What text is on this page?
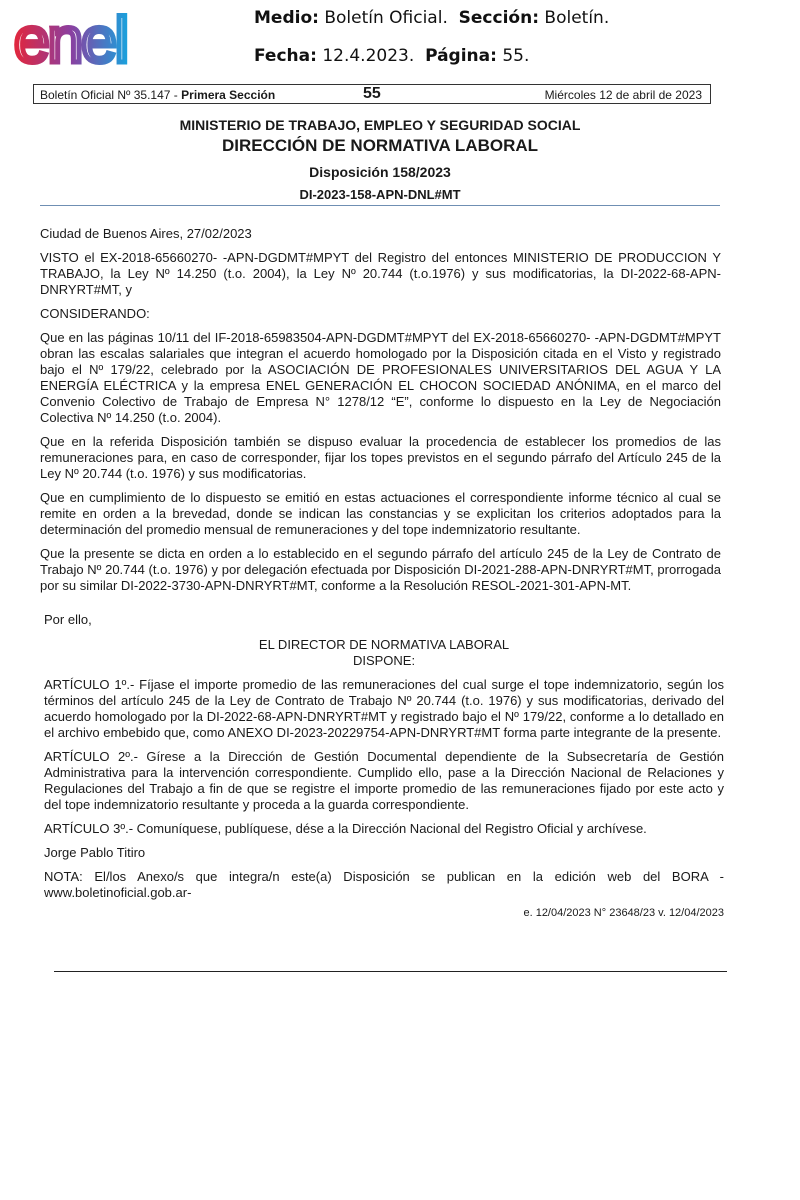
enel	Medio: Boletín Oficial. Sección: Boletín.
Fecha: 12.4.2023. Página: 55.
Boletín Oficial Nº 35.147 - Primera Sección	55	Miércoles 12 de abril de 2023
MINISTERIO DE TRABAJO, EMPLEO Y SEGURIDAD SOCIAL
DIRECCIÓN DE NORMATIVA LABORAL
Disposición 158/2023
DI-2023-158-APN-DNL#MT

Ciudad de Buenos Aires, 27/02/2023

VISTO el EX-2018-65660270- -APN-DGDMT#MPYT del Registro del entonces MINISTERIO DE PRODUCCION Y TRABAJO, la Ley Nº 14.250 (t.o. 2004), la Ley Nº 20.744 (t.o.1976) y sus modificatorias, la DI-2022-68-APN-DNRYRT#MT, y

CONSIDERANDO:

Que en las páginas 10/11 del IF-2018-65983504-APN-DGDMT#MPYT del EX-2018-65660270- -APN-DGDMT#MPYT obran las escalas salariales que integran el acuerdo homologado por la Disposición citada en el Visto y registrado bajo el Nº 179/22, celebrado por la ASOCIACIÓN DE PROFESIONALES UNIVERSITARIOS DEL AGUA Y LA ENERGÍA ELÉCTRICA y la empresa ENEL GENERACIÓN EL CHOCON SOCIEDAD ANÓNIMA, en el marco del Convenio Colectivo de Trabajo de Empresa N° 1278/12 “E”, conforme lo dispuesto en la Ley de Negociación Colectiva Nº 14.250 (t.o. 2004).

Que en la referida Disposición también se dispuso evaluar la procedencia de establecer los promedios de las remuneraciones para, en caso de corresponder, fijar los topes previstos en el segundo párrafo del Artículo 245 de la Ley Nº 20.744 (t.o. 1976) y sus modificatorias.

Que en cumplimiento de lo dispuesto se emitió en estas actuaciones el correspondiente informe técnico al cual se remite en orden a la brevedad, donde se indican las constancias y se explicitan los criterios adoptados para la determinación del promedio mensual de remuneraciones y del tope indemnizatorio resultante.

Que la presente se dicta en orden a lo establecido en el segundo párrafo del artículo 245 de la Ley de Contrato de Trabajo Nº 20.744 (t.o. 1976) y por delegación efectuada por Disposición DI-2021-288-APN-DNRYRT#MT, prorrogada por su similar DI-2022-3730-APN-DNRYRT#MT, conforme a la Resolución RESOL-2021-301-APN-MT.

Por ello,

EL DIRECTOR DE NORMATIVA LABORAL
DISPONE:

ARTÍCULO 1º.- Fíjase el importe promedio de las remuneraciones del cual surge el tope indemnizatorio, según los términos del artículo 245 de la Ley de Contrato de Trabajo Nº 20.744 (t.o. 1976) y sus modificatorias, derivado del acuerdo homologado por la DI-2022-68-APN-DNRYRT#MT y registrado bajo el Nº 179/22, conforme a lo detallado en el archivo embebido que, como ANEXO DI-2023-20229754-APN-DNRYRT#MT forma parte integrante de la presente.

ARTÍCULO 2º.- Gírese a la Dirección de Gestión Documental dependiente de la Subsecretaría de Gestión Administrativa para la intervención correspondiente. Cumplido ello, pase a la Dirección Nacional de Relaciones y Regulaciones del Trabajo a fin de que se registre el importe promedio de las remuneraciones fijado por este acto y del tope indemnizatorio resultante y proceda a la guarda correspondiente.

ARTÍCULO 3º.- Comuníquese, publíquese, dése a la Dirección Nacional del Registro Oficial y archívese.

Jorge Pablo Titiro

NOTA: El/los Anexo/s que integra/n este(a) Disposición se publican en la edición web del BORA -www.boletinoficial.gob.ar-

e. 12/04/2023 N° 23648/23 v. 12/04/2023
